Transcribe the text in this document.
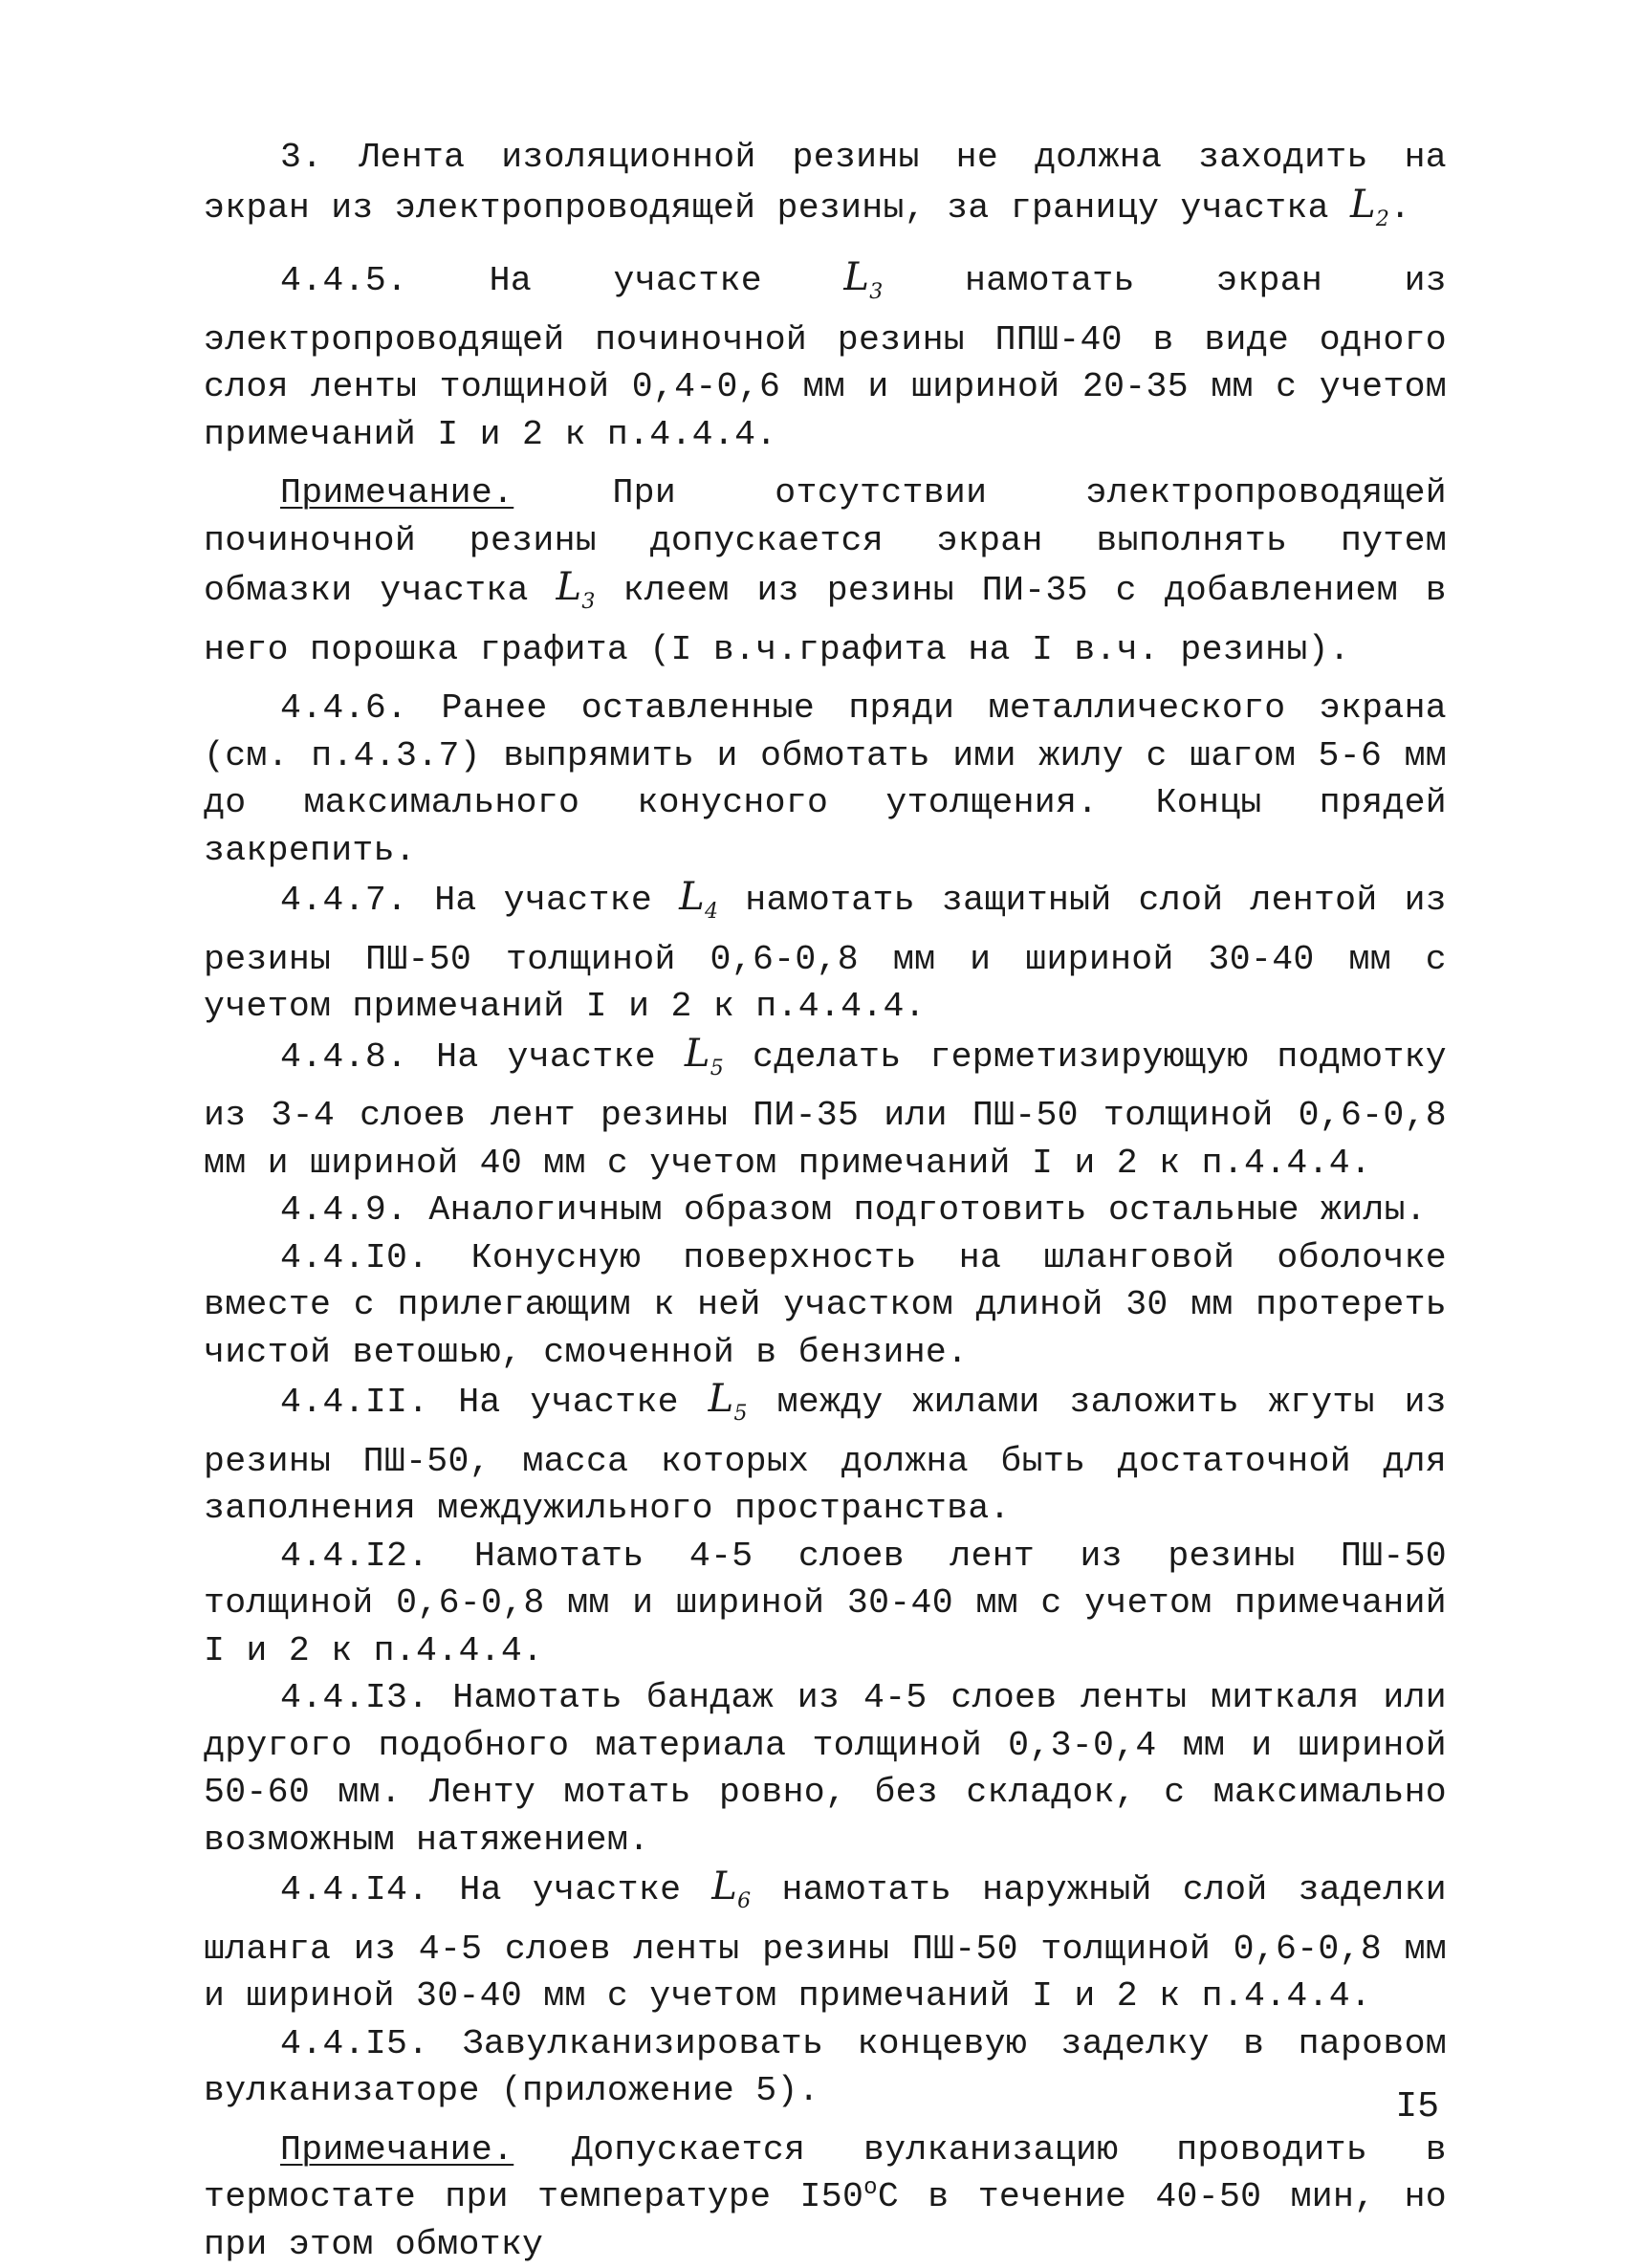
3. Лента изоляционной резины не должна заходить на экран из электропроводящей резины, за границу участка $L_2$.

4.4.5. На участке $L_3$ намотать экран из электропроводящей починочной резины ППШ-40 в виде одного слоя ленты толщиной 0,4-0,6 мм и шириной 20-35 мм с учетом примечаний I и 2 к п.4.4.4.

Примечание. При отсутствии электропроводящей починочной резины допускается экран выполнять путем обмазки участка $L_3$ клеем из резины ПИ-35 с добавлением в него порошка графита (I в.ч.графита на I в.ч. резины).

4.4.6. Ранее оставленные пряди металлического экрана (см. п.4.3.7) выпрямить и обмотать ими жилу с шагом 5-6 мм до максимального конусного утолщения. Концы прядей закрепить.

4.4.7. На участке $L_4$ намотать защитный слой лентой из резины ПШ-50 толщиной 0,6-0,8 мм и шириной 30-40 мм с учетом примечаний I и 2 к п.4.4.4.

4.4.8. На участке $L_5$ сделать герметизирующую подмотку из 3-4 слоев лент резины ПИ-35 или ПШ-50 толщиной 0,6-0,8 мм и шириной 40 мм с учетом примечаний I и 2 к п.4.4.4.

4.4.9. Аналогичным образом подготовить остальные жилы.

4.4.I0. Конусную поверхность на шланговой оболочке вместе с прилегающим к ней участком длиной 30 мм протереть чистой ветошью, смоченной в бензине.

4.4.II. На участке $L_5$ между жилами заложить жгуты из резины ПШ-50, масса которых должна быть достаточной для заполнения междужильного пространства.

4.4.I2. Намотать 4-5 слоев лент из резины ПШ-50 толщиной 0,6-0,8 мм и шириной 30-40 мм с учетом примечаний I и 2 к п.4.4.4.

4.4.I3. Намотать бандаж из 4-5 слоев ленты миткаля или другого подобного материала толщиной 0,3-0,4 мм и шириной 50-60 мм. Ленту мотать ровно, без складок, с максимально возможным натяжением.

4.4.I4. На участке $L_6$ намотать наружный слой заделки шланга из 4-5 слоев ленты резины ПШ-50 толщиной 0,6-0,8 мм и шириной 30-40 мм с учетом примечаний I и 2 к п.4.4.4.

4.4.I5. Завулканизировать концевую заделку в паровом вулканизаторе (приложение 5).

Примечание. Допускается вулканизацию проводить в термостате при температуре $I50^оС$ в течение 40-50 мин, но при этом обмотку

I5
